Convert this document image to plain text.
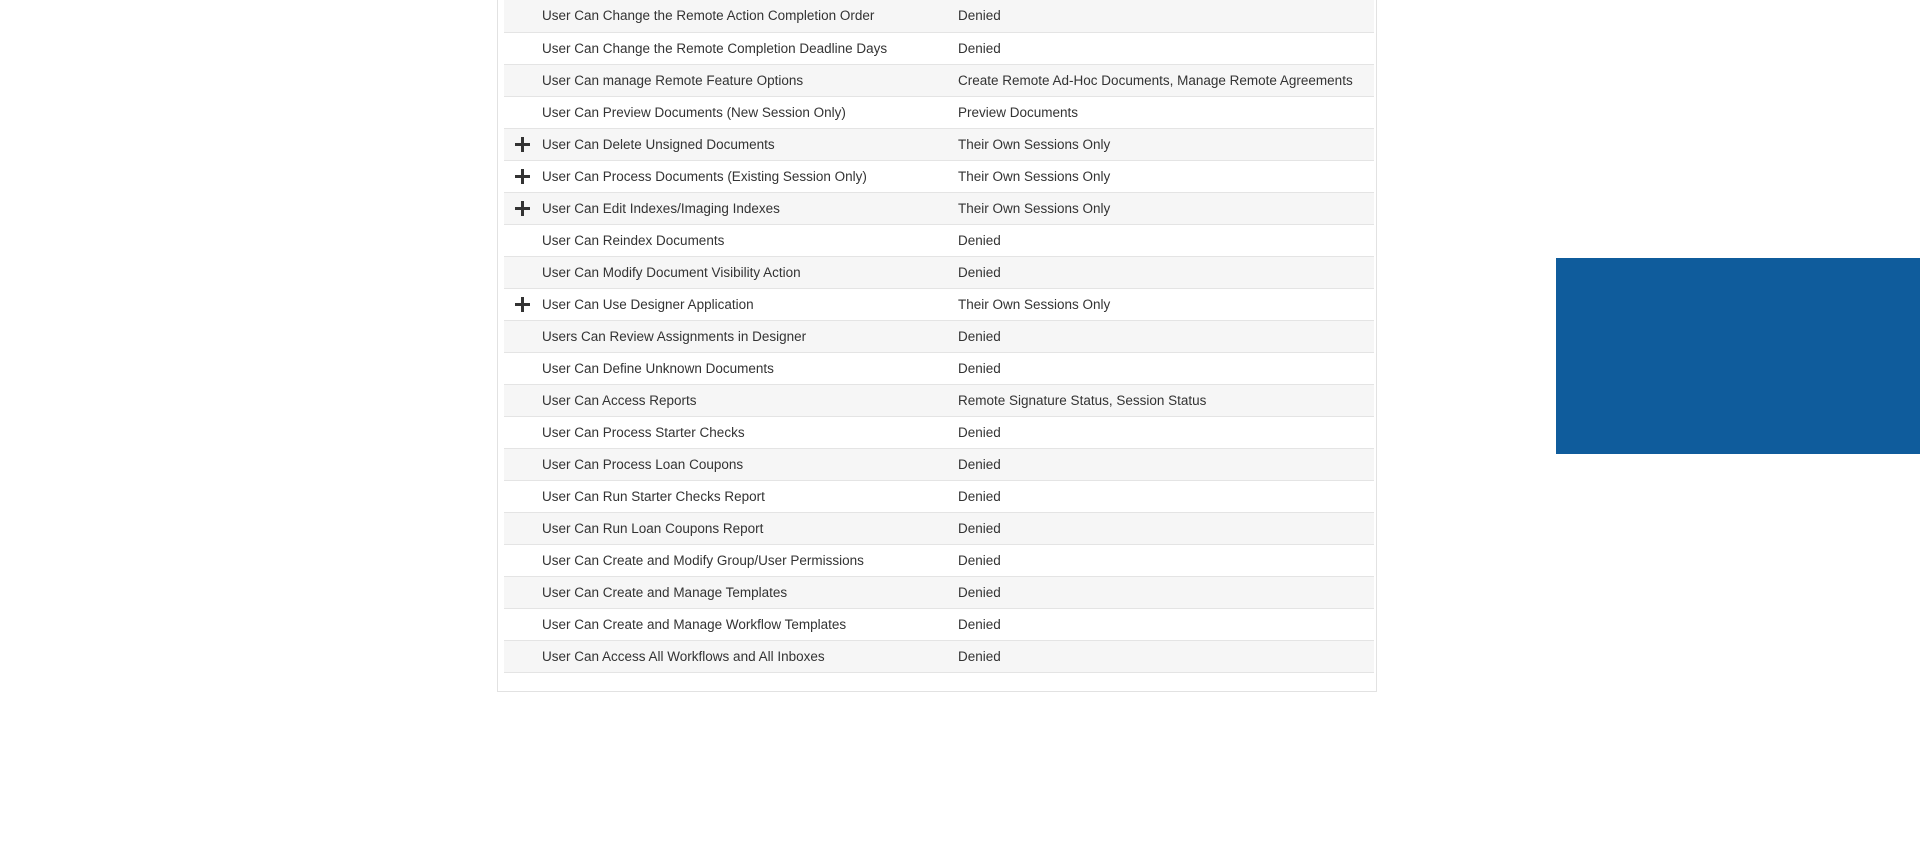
	User Can Change the Remote Action Completion Order	Denied
	User Can Change the Remote Completion Deadline Days	Denied
	User Can manage Remote Feature Options	Create Remote Ad-Hoc Documents, Manage Remote Agreements
	User Can Preview Documents (New Session Only)	Preview Documents
	User Can Delete Unsigned Documents	Their Own Sessions Only
	User Can Process Documents (Existing Session Only)	Their Own Sessions Only
	User Can Edit Indexes/Imaging Indexes	Their Own Sessions Only
	User Can Reindex Documents	Denied
	User Can Modify Document Visibility Action	Denied
	User Can Use Designer Application	Their Own Sessions Only
	Users Can Review Assignments in Designer	Denied
	User Can Define Unknown Documents	Denied
	User Can Access Reports	Remote Signature Status, Session Status
	User Can Process Starter Checks	Denied
	User Can Process Loan Coupons	Denied
	User Can Run Starter Checks Report	Denied
	User Can Run Loan Coupons Report	Denied
	User Can Create and Modify Group/User Permissions	Denied
	User Can Create and Manage Templates	Denied
	User Can Create and Manage Workflow Templates	Denied
	User Can Access All Workflows and All Inboxes	Denied
